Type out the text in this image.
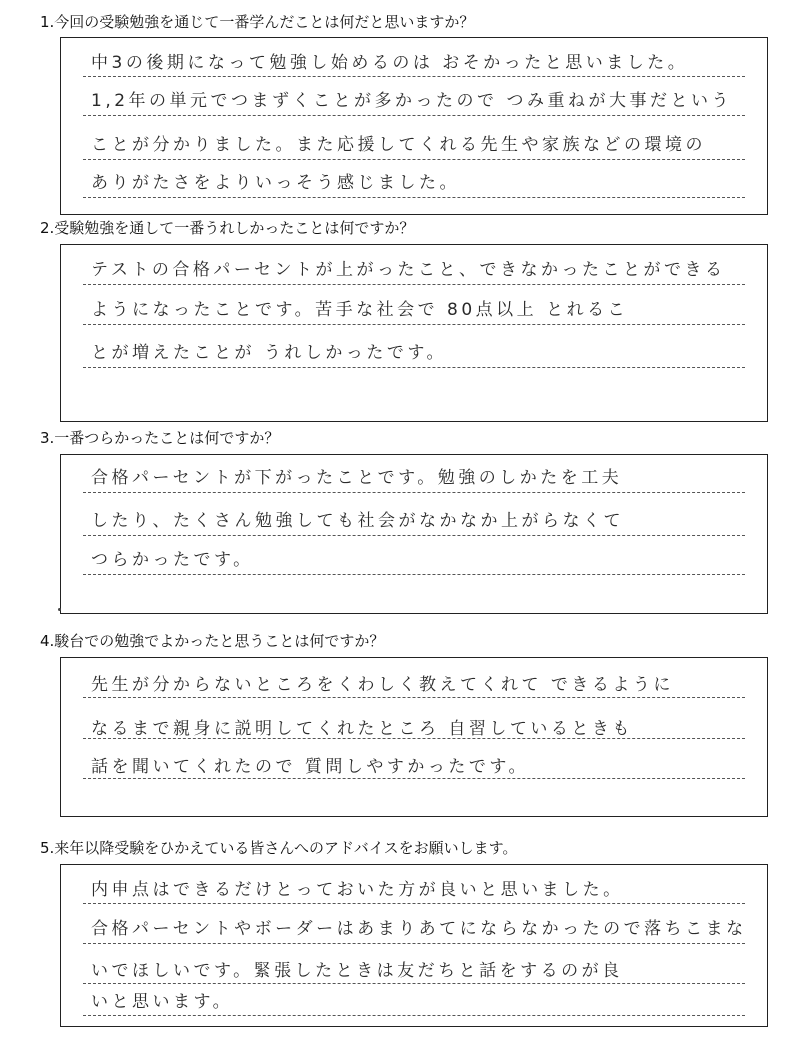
1.今回の受験勉強を通じて一番学んだことは何だと思いますか？
中3の後期になって勉強し始めるのは おそかったと思いました。
1,2年の単元でつまずくことが多かったので つみ重ねが大事だという
ことが分かりました。また応援してくれる先生や家族などの環境の
ありがたさをよりいっそう感じました。
2.受験勉強を通して一番うれしかったことは何ですか？
テストの合格パーセントが上がったこと、できなかったことができる
ようになったことです。苦手な社会で 80点以上 とれるこ
とが増えたことが うれしかったです。
3.一番つらかったことは何ですか？
合格パーセントが下がったことです。勉強のしかたを工夫
したり、たくさん勉強しても社会がなかなか上がらなくて
つらかったです。
4.駿台での勉強でよかったと思うことは何ですか？
先生が分からないところをくわしく教えてくれて できるように
なるまで親身に説明してくれたところ 自習しているときも
話を聞いてくれたので 質問しやすかったです。
5.来年以降受験をひかえている皆さんへのアドバイスをお願いします。
内申点はできるだけとっておいた方が良いと思いました。
合格パーセントやボーダーはあまりあてにならなかったので落ちこまな
いでほしいです。緊張したときは友だちと話をするのが良
いと思います。
